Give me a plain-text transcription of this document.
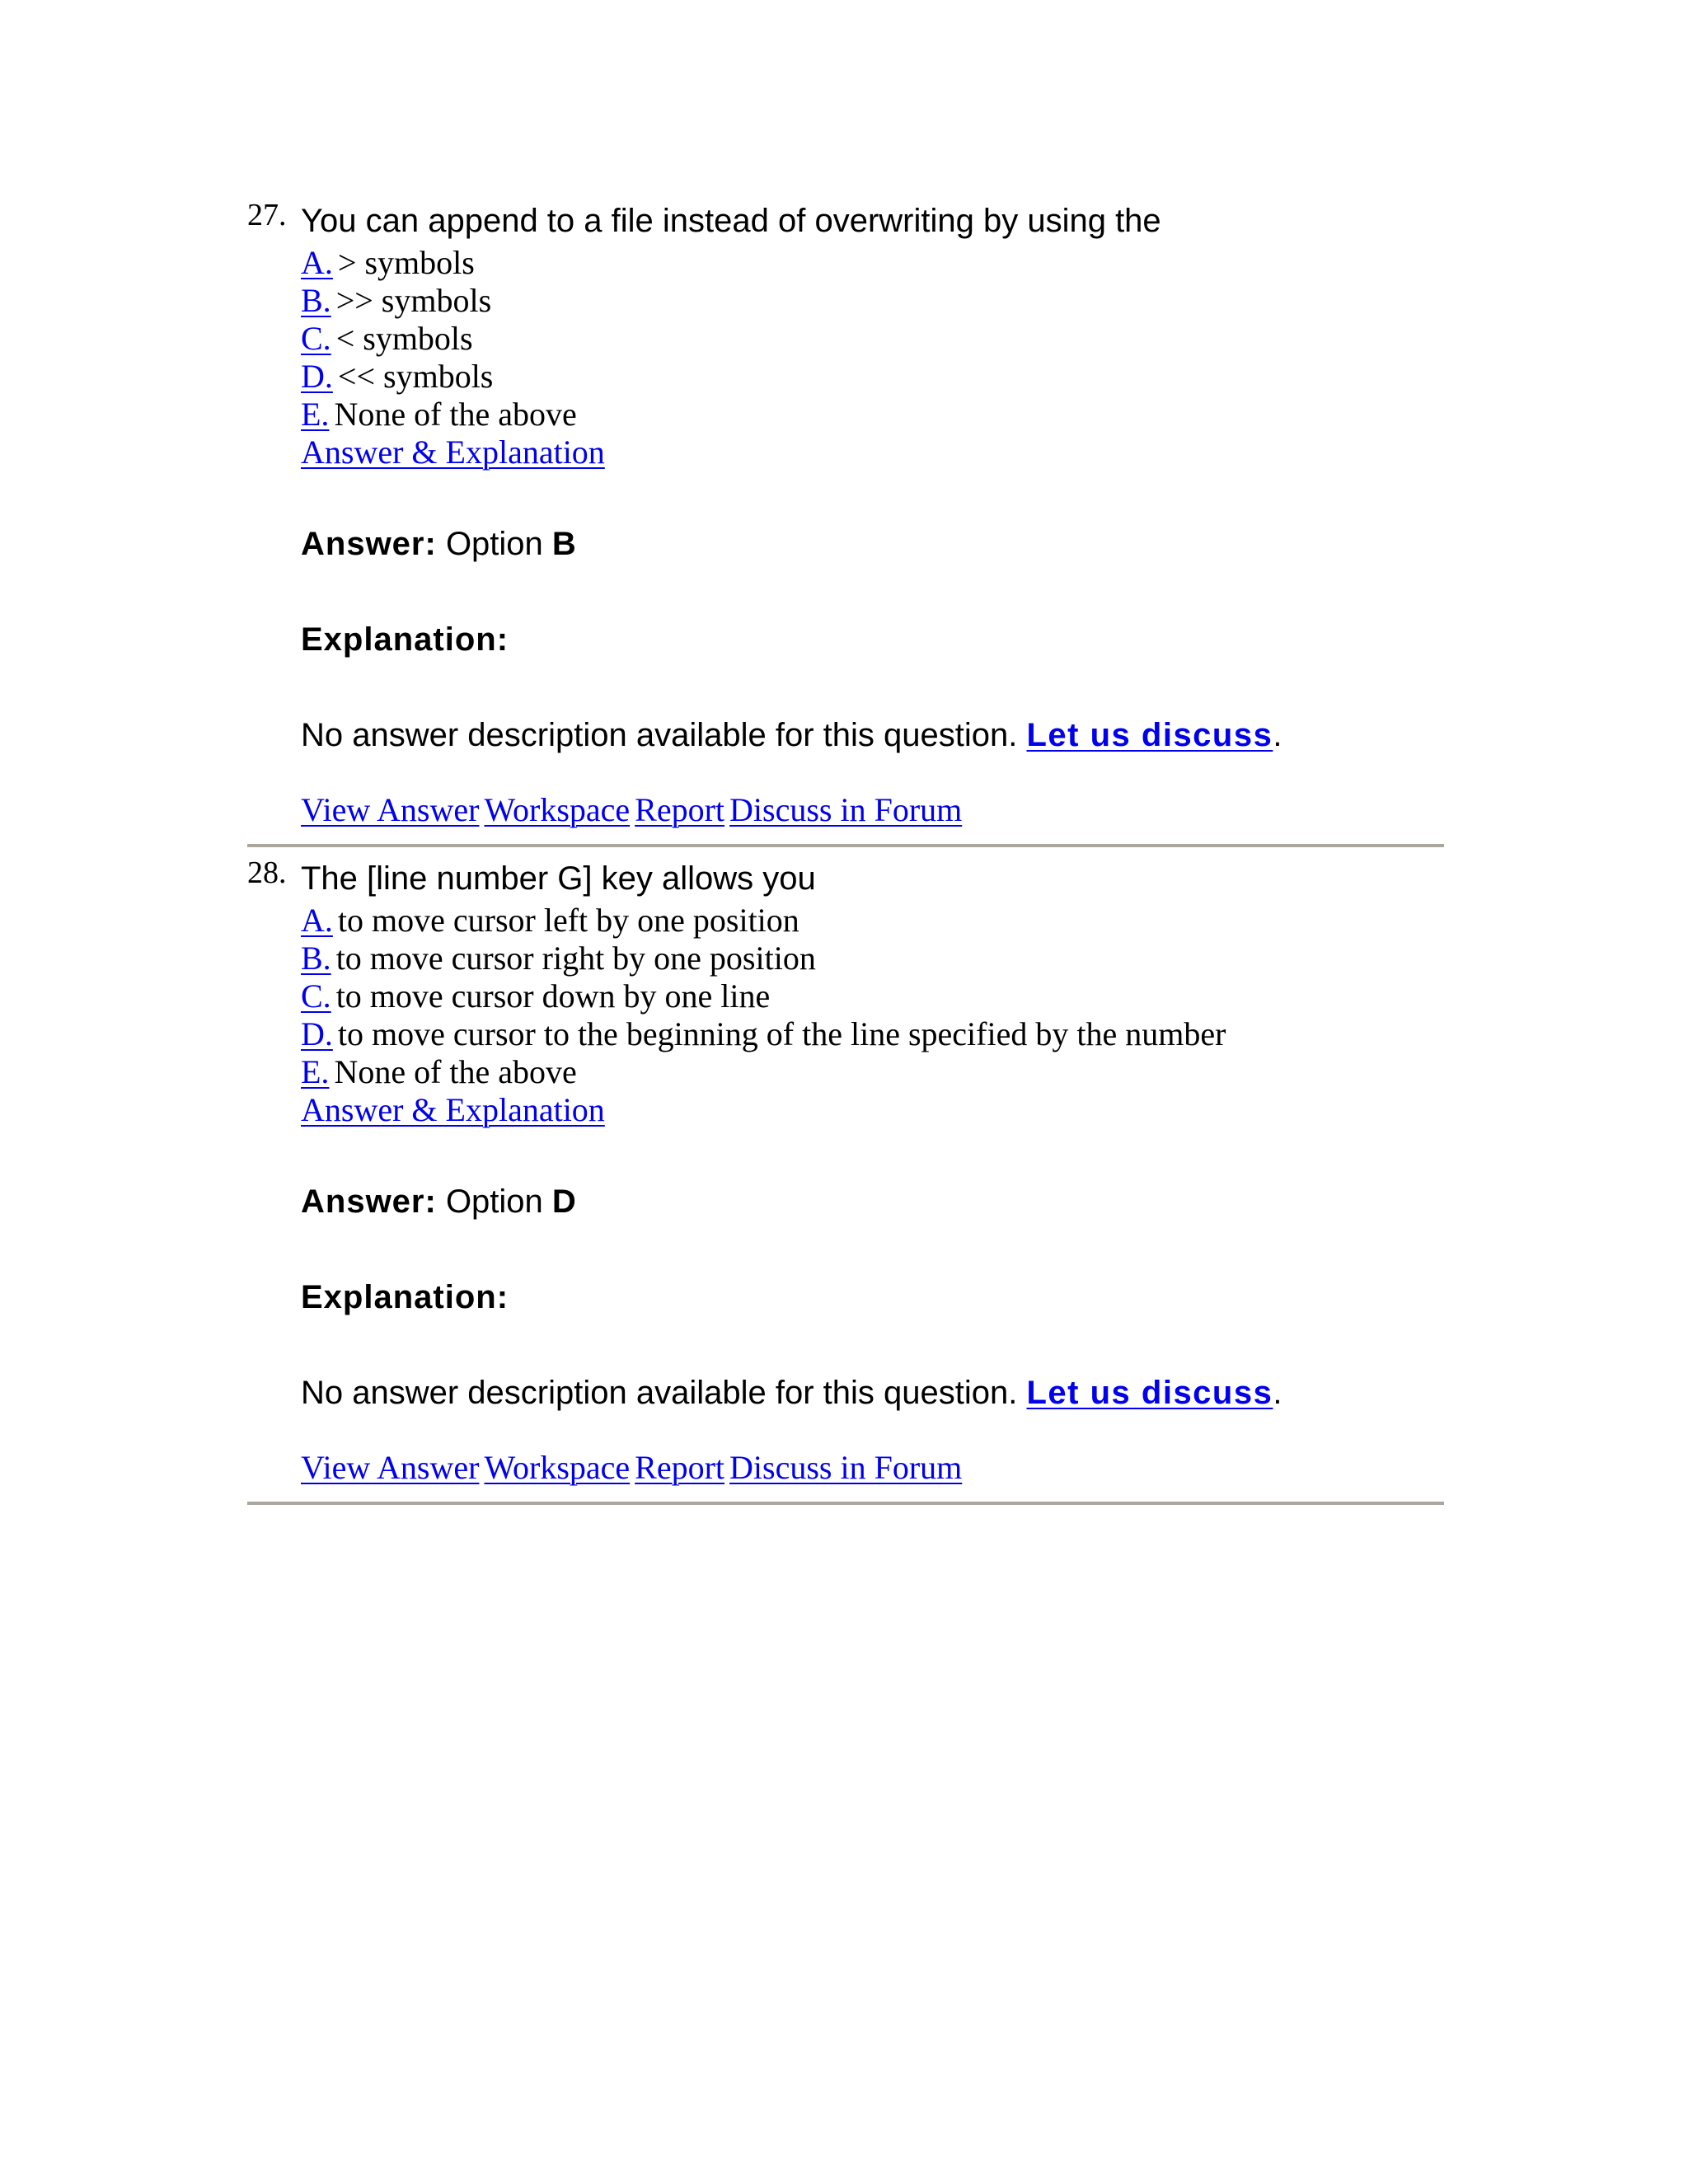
27. You can append to a file instead of overwriting by using the
A. > symbols
B. >> symbols
C. < symbols
D. << symbols
E. None of the above
Answer & Explanation
Answer: Option B
Explanation:
No answer description available for this question. Let us discuss.
View Answer Workspace Report Discuss in Forum
28. The [line number G] key allows you
A. to move cursor left by one position
B. to move cursor right by one position
C. to move cursor down by one line
D. to move cursor to the beginning of the line specified by the number
E. None of the above
Answer & Explanation
Answer: Option D
Explanation:
No answer description available for this question. Let us discuss.
View Answer Workspace Report Discuss in Forum
